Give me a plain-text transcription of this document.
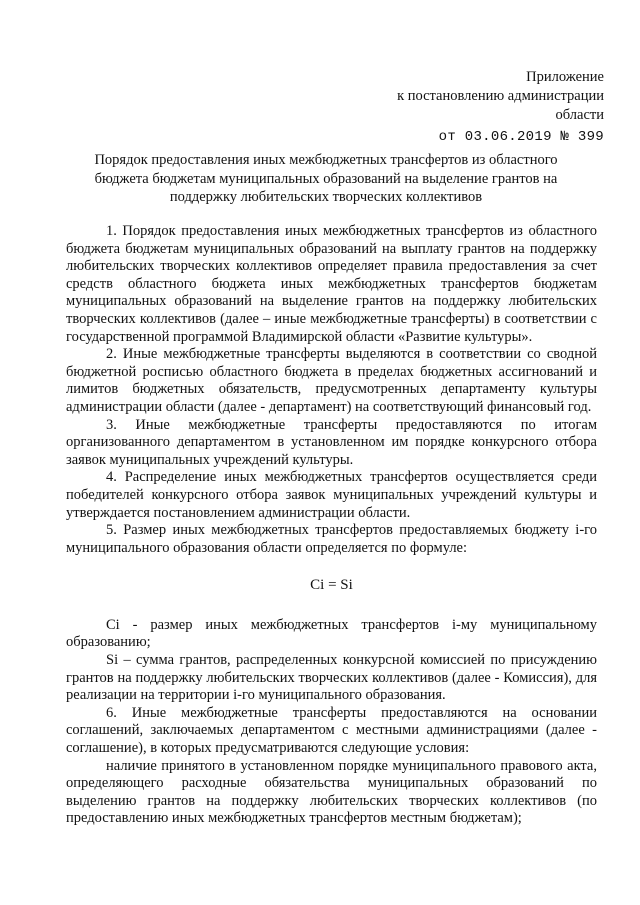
Приложение
к постановлению администрации
области
от 03.06.2019 № 399
Порядок предоставления иных межбюджетных трансфертов из областного
бюджета бюджетам муниципальных образований на выделение грантов на
поддержку любительских творческих коллективов

1. Порядок предоставления иных межбюджетных трансфертов из областного бюджета бюджетам муниципальных образований на выплату грантов на поддержку любительских творческих коллективов определяет правила предоставления за счет средств областного бюджета иных межбюджетных трансфертов бюджетам муниципальных образований на выделение грантов на поддержку любительских творческих коллективов (далее – иные межбюджетные трансферты) в соответствии с государственной программой Владимирской области «Развитие культуры».

2. Иные межбюджетные трансферты выделяются в соответствии со сводной бюджетной росписью областного бюджета в пределах бюджетных ассигнований и лимитов бюджетных обязательств, предусмотренных департаменту культуры администрации области (далее - департамент) на соответствующий финансовый год.

3. Иные межбюджетные трансферты предоставляются по итогам организованного департаментом в установленном им порядке конкурсного отбора заявок муниципальных учреждений культуры.

4. Распределение иных межбюджетных трансфертов осуществляется среди победителей конкурсного отбора заявок муниципальных учреждений культуры и утверждается постановлением администрации области.

5. Размер иных межбюджетных трансфертов предоставляемых бюджету i-го муниципального образования области определяется по формуле:

Ci = Si

Ci - размер иных межбюджетных трансфертов i-му муниципальному образованию;

Si – сумма грантов, распределенных конкурсной комиссией по присуждению грантов на поддержку любительских творческих коллективов (далее - Комиссия), для реализации на территории i-го муниципального образования.

6. Иные межбюджетные трансферты предоставляются на основании соглашений, заключаемых департаментом с местными администрациями (далее - соглашение), в которых предусматриваются следующие условия:

наличие принятого в установленном порядке муниципального правового акта, определяющего расходные обязательства муниципальных образований по выделению грантов на поддержку любительских творческих коллективов (по предоставлению иных межбюджетных трансфертов местным бюджетам);
